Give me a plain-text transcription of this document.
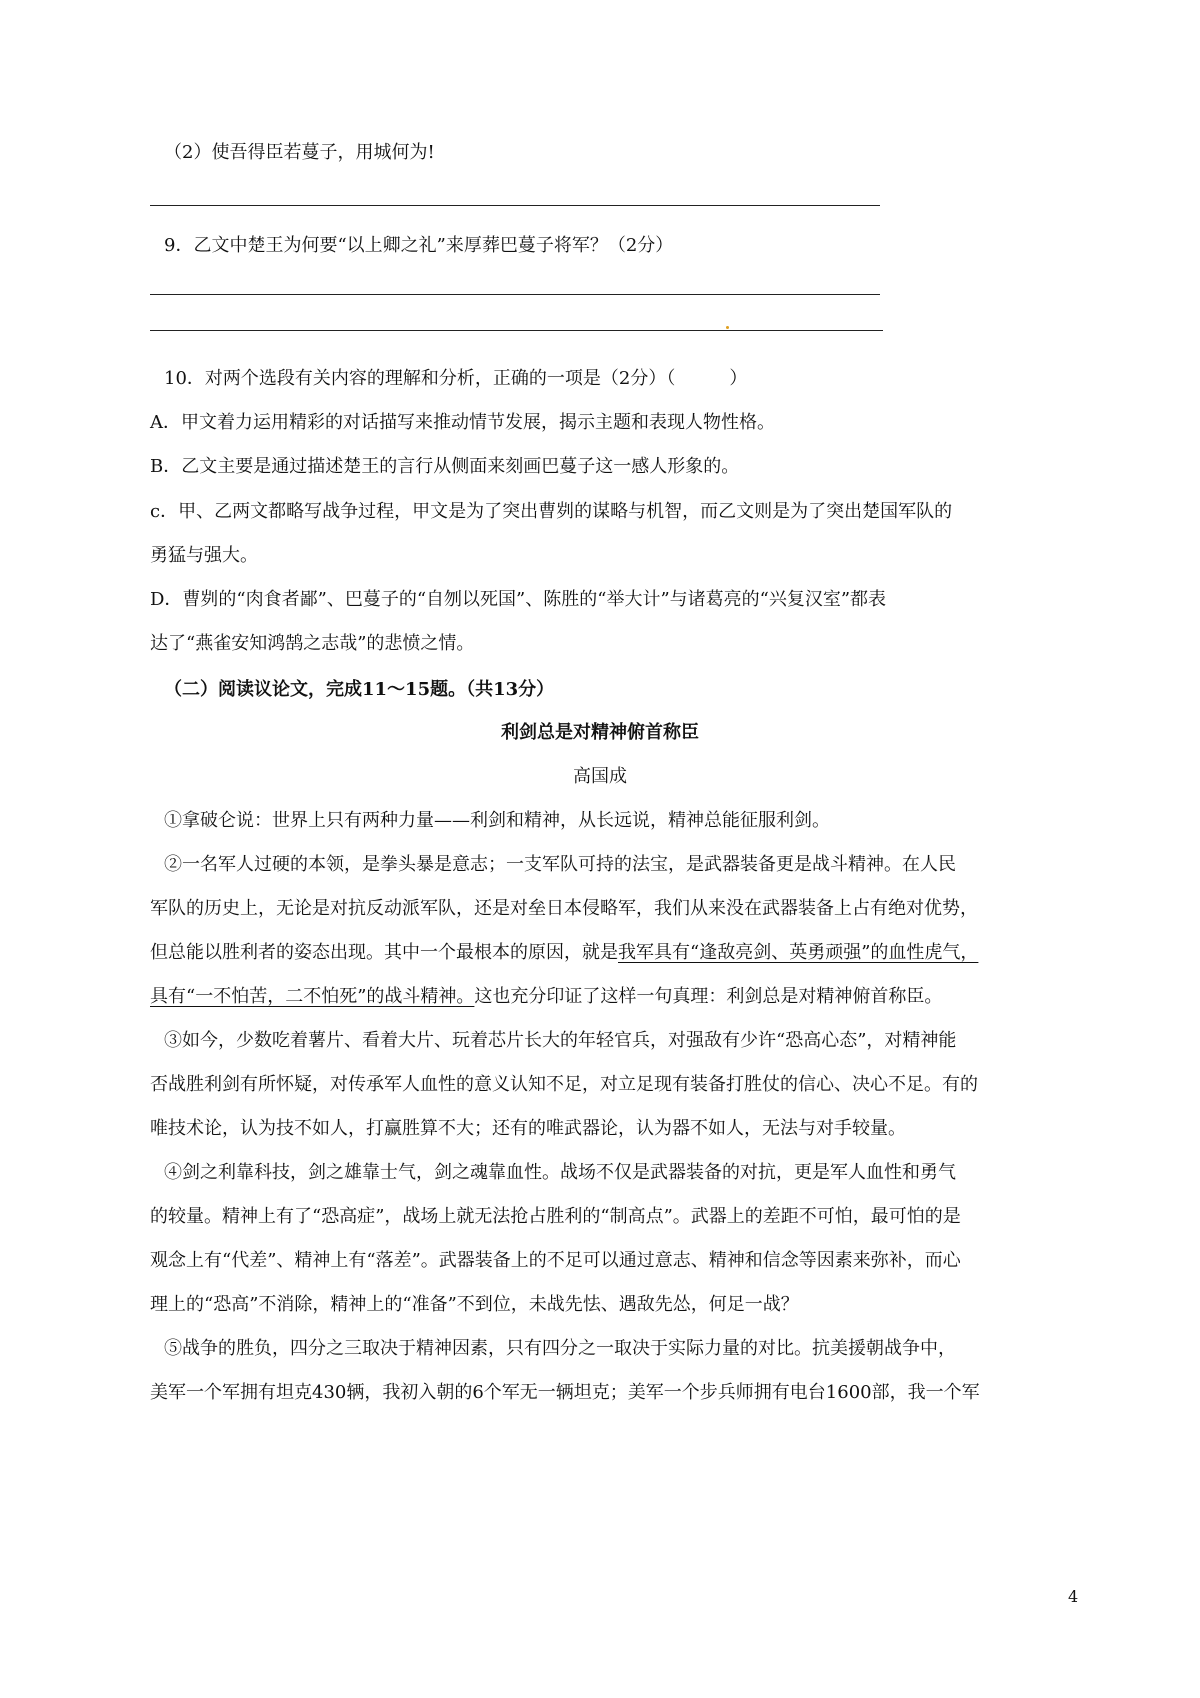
（2）使吾得臣若蔓子，用城何为!
9．乙文中楚王为何要“以上卿之礼”来厚葬巴蔓子将军？（2分）
10．对两个选段有关内容的理解和分析，正确的一项是（2分）（　　　）
A．甲文着力运用精彩的对话描写来推动情节发展，揭示主题和表现人物性格。
B．乙文主要是通过描述楚王的言行从侧面来刻画巴蔓子这一感人形象的。
c．甲、乙两文都略写战争过程，甲文是为了突出曹刿的谋略与机智，而乙文则是为了突出楚国军队的
勇猛与强大。
D．曹刿的“肉食者鄙”、巴蔓子的“自刎以死国”、陈胜的“举大计”与诸葛亮的“兴复汉室”都表
达了“燕雀安知鸿鹄之志哉”的悲愤之情。
（二）阅读议论文，完成11～15题。（共13分）
利剑总是对精神俯首称臣
高国成
①拿破仑说：世界上只有两种力量——利剑和精神，从长远说，精神总能征服利剑。
②一名军人过硬的本领，是拳头暴是意志；一支军队可持的法宝，是武器装备更是战斗精神。在人民
军队的历史上，无论是对抗反动派军队，还是对垒日本侵略军，我们从来没在武器装备上占有绝对优势，
但总能以胜利者的姿态出现。其中一个最根本的原因，就是我军具有“逢敌亮剑、英勇顽强”的血性虎气，
具有“一不怕苦，二不怕死”的战斗精神。这也充分印证了这样一句真理：利剑总是对精神俯首称臣。
③如今，少数吃着薯片、看着大片、玩着芯片长大的年轻官兵，对强敌有少许“恐高心态”，对精神能
否战胜利剑有所怀疑，对传承军人血性的意义认知不足，对立足现有装备打胜仗的信心、决心不足。有的
唯技术论，认为技不如人，打赢胜算不大；还有的唯武器论，认为器不如人，无法与对手较量。
④剑之利靠科技，剑之雄靠士气，剑之魂靠血性。战场不仅是武器装备的对抗，更是军人血性和勇气
的较量。精神上有了“恐高症”，战场上就无法抢占胜利的“制高点”。武器上的差距不可怕，最可怕的是
观念上有“代差”、精神上有“落差”。武器装备上的不足可以通过意志、精神和信念等因素来弥补，而心
理上的“恐高”不消除，精神上的“准备”不到位，未战先怯、遇敌先怂，何足一战？
⑤战争的胜负，四分之三取决于精神因素，只有四分之一取决于实际力量的对比。抗美援朝战争中，
美军一个军拥有坦克430辆，我初入朝的6个军无一辆坦克；美军一个步兵师拥有电台1600部，我一个军
4
